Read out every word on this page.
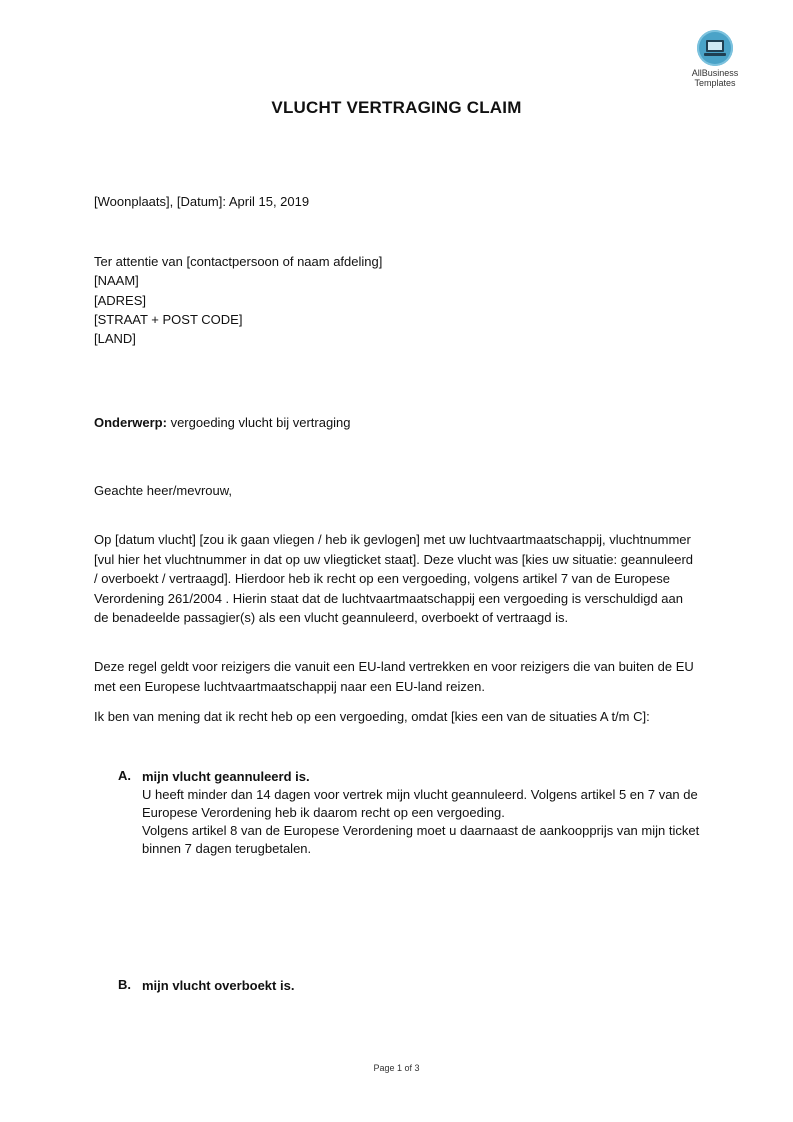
AllBusiness
Templates
VLUCHT VERTRAGING CLAIM
[Woonplaats], [Datum]: April 15, 2019
Ter attentie van [contactpersoon of naam afdeling]
[NAAM]
[ADRES]
[STRAAT + POST CODE]
[LAND]
Onderwerp: vergoeding vlucht bij vertraging
Geachte heer/mevrouw,
Op [datum vlucht] [zou ik gaan vliegen / heb ik gevlogen] met uw luchtvaartmaatschappij, vluchtnummer [vul hier het vluchtnummer in dat op uw vliegticket staat]. Deze vlucht was [kies uw situatie: geannuleerd / overboekt / vertraagd]. Hierdoor heb ik recht op een vergoeding, volgens artikel 7 van de Europese Verordening 261/2004 . Hierin staat dat de luchtvaartmaatschappij een vergoeding is verschuldigd aan de benadeelde passagier(s) als een vlucht geannuleerd, overboekt of vertraagd is.
Deze regel geldt voor reizigers die vanuit een EU-land vertrekken en voor reizigers die van buiten de EU met een Europese luchtvaartmaatschappij naar een EU-land reizen.
Ik ben van mening dat ik recht heb op een vergoeding, omdat [kies een van de situaties A t/m C]:
A. mijn vlucht geannuleerd is.
U heeft minder dan 14 dagen voor vertrek mijn vlucht geannuleerd. Volgens artikel 5 en 7 van de Europese Verordening heb ik daarom recht op een vergoeding.
Volgens artikel 8 van de Europese Verordening moet u daarnaast de aankoopprijs van mijn ticket binnen 7 dagen terugbetalen.
B. mijn vlucht overboekt is.
Page 1 of 3
